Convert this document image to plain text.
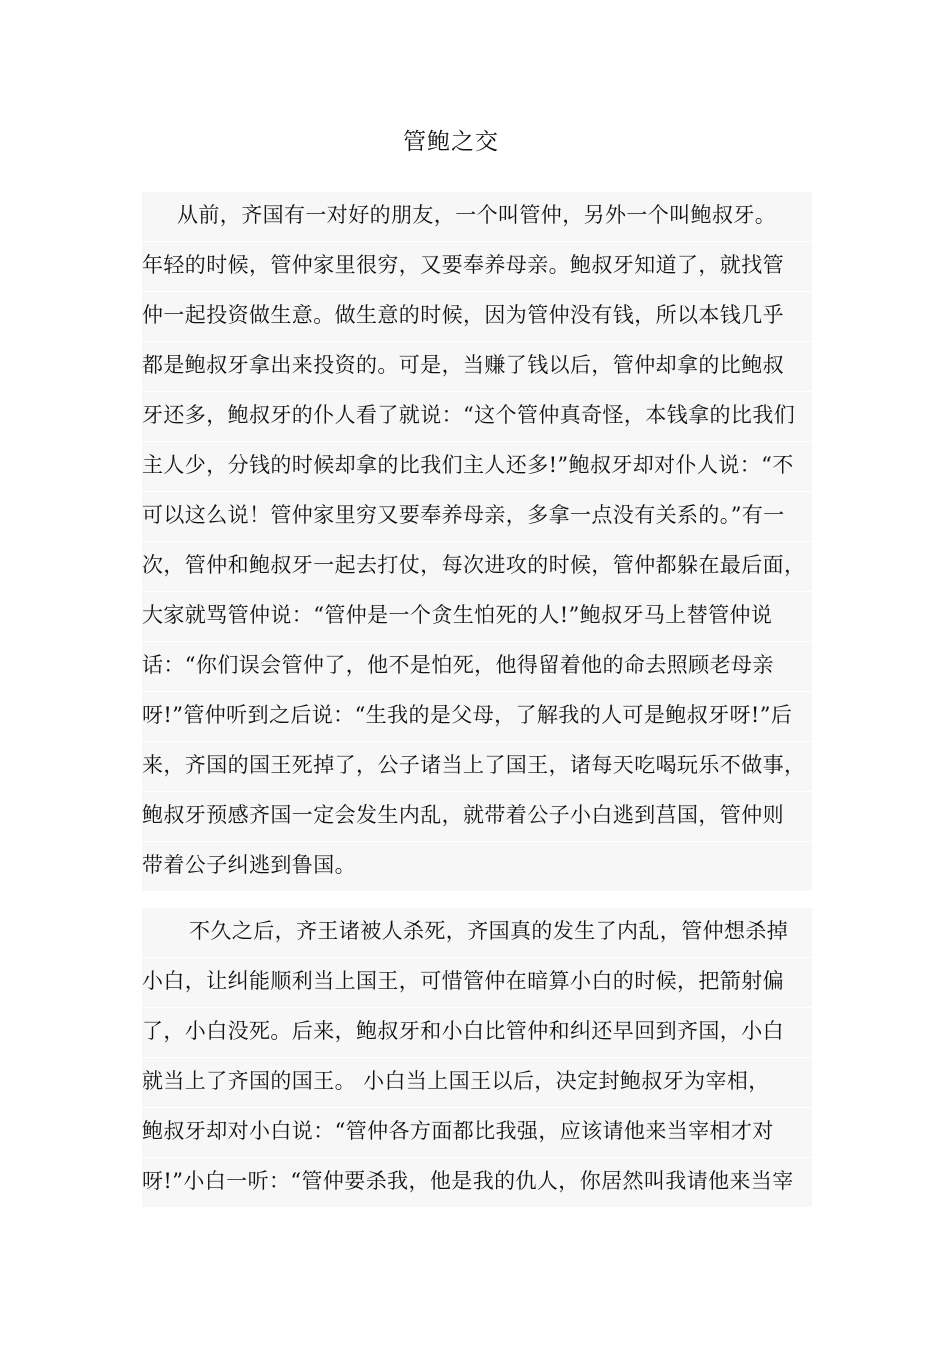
管鲍之交
从前，齐国有一对好的朋友，一个叫管仲，另外一个叫鲍叔牙。
年轻的时候，管仲家里很穷，又要奉养母亲。鲍叔牙知道了，就找管
仲一起投资做生意。做生意的时候，因为管仲没有钱，所以本钱几乎
都是鲍叔牙拿出来投资的。可是，当赚了钱以后，管仲却拿的比鲍叔
牙还多，鲍叔牙的仆人看了就说：“这个管仲真奇怪，本钱拿的比我们
主人少，分钱的时候却拿的比我们主人还多!”鲍叔牙却对仆人说：“不
可以这么说！管仲家里穷又要奉养母亲，多拿一点没有关系的。”有一
次，管仲和鲍叔牙一起去打仗，每次进攻的时候，管仲都躲在最后面，
大家就骂管仲说：“管仲是一个贪生怕死的人!”鲍叔牙马上替管仲说
话：“你们误会管仲了，他不是怕死，他得留着他的命去照顾老母亲
呀!”管仲听到之后说：“生我的是父母，了解我的人可是鲍叔牙呀!”后
来，齐国的国王死掉了，公子诸当上了国王，诸每天吃喝玩乐不做事，
鲍叔牙预感齐国一定会发生内乱，就带着公子小白逃到莒国，管仲则
带着公子纠逃到鲁国。
不久之后，齐王诸被人杀死，齐国真的发生了内乱，管仲想杀掉
小白，让纠能顺利当上国王，可惜管仲在暗算小白的时候，把箭射偏
了，小白没死。后来，鲍叔牙和小白比管仲和纠还早回到齐国，小白
就当上了齐国的国王。 小白当上国王以后，决定封鲍叔牙为宰相，
鲍叔牙却对小白说：“管仲各方面都比我强，应该请他来当宰相才对
呀!”小白一听：“管仲要杀我，他是我的仇人，你居然叫我请他来当宰
